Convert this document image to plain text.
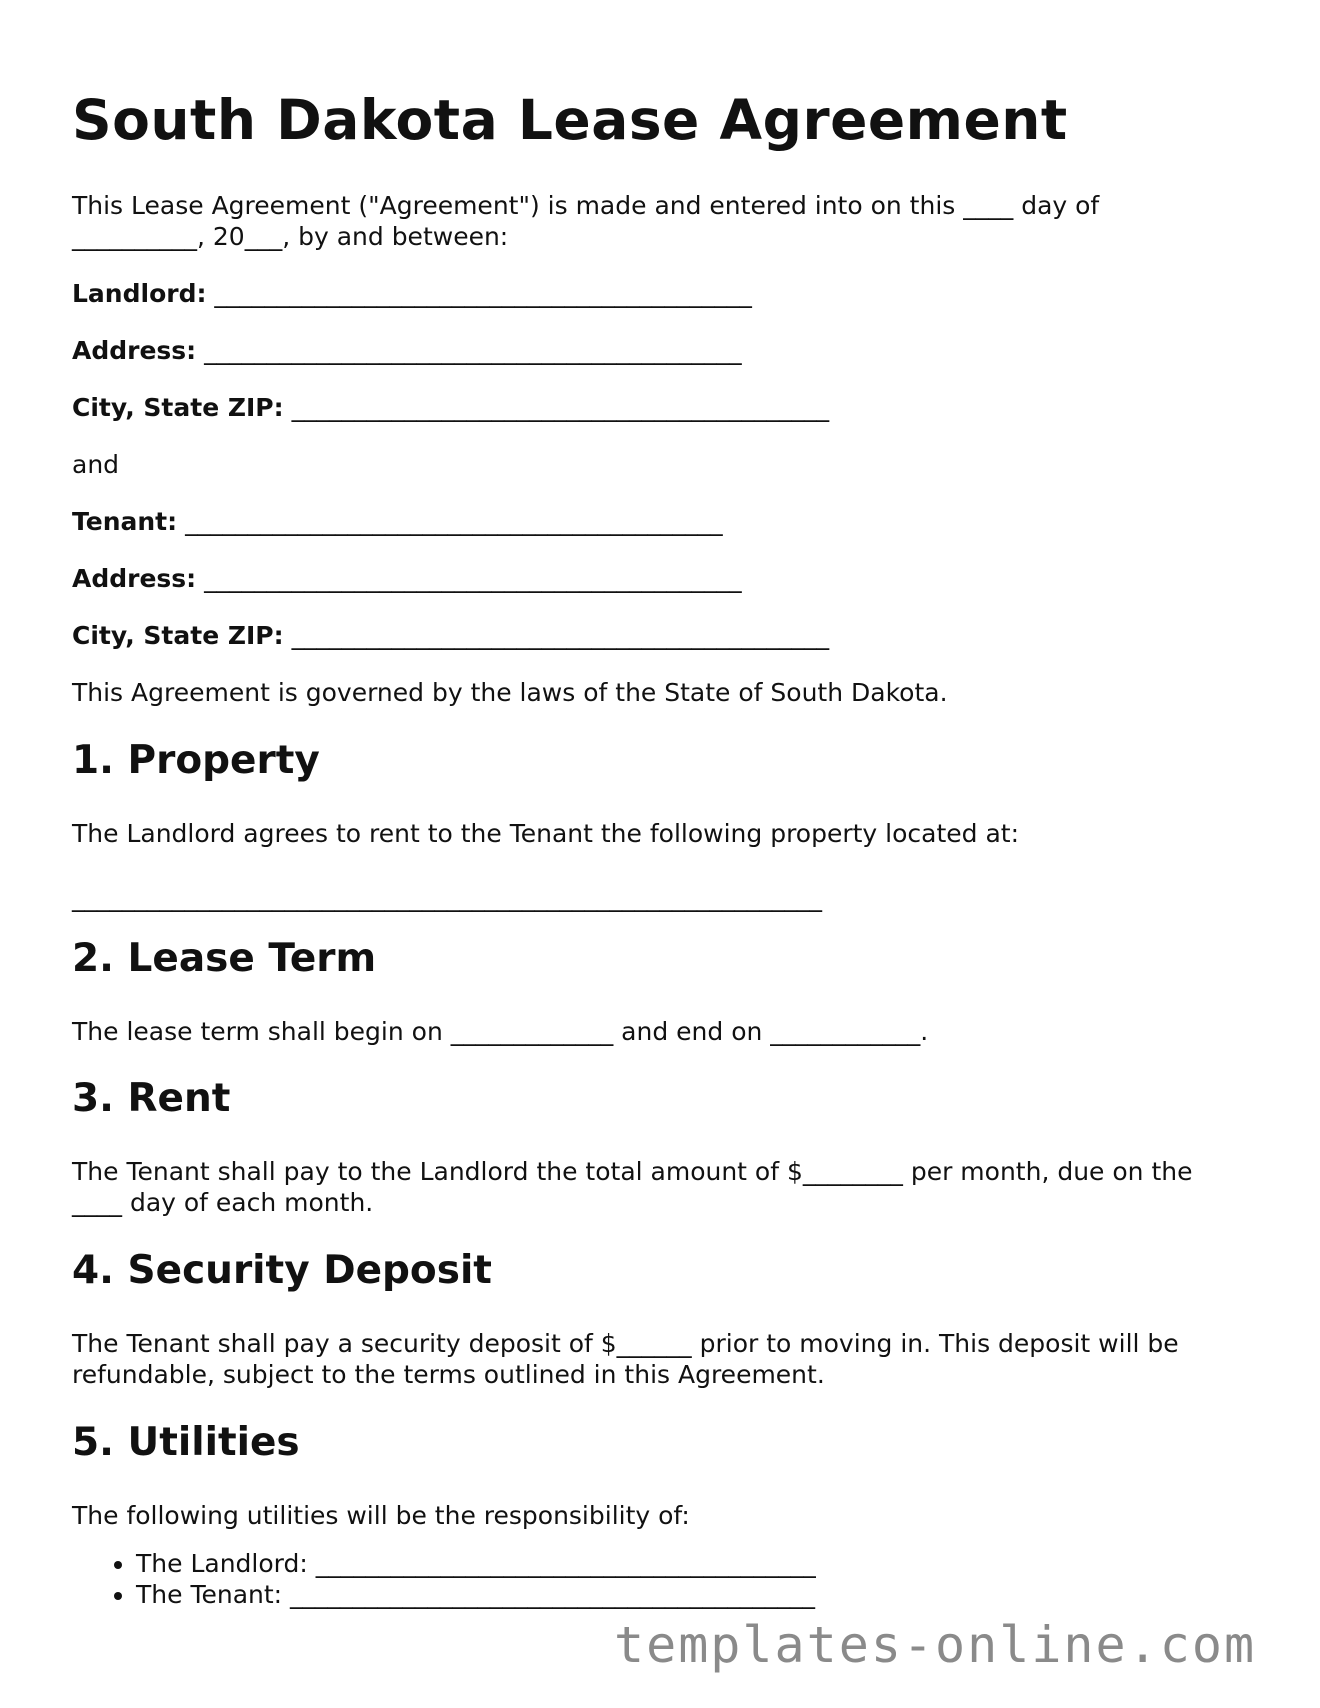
South Dakota Lease Agreement

This Lease Agreement ("Agreement") is made and entered into on this ____ day of

__________, 20___, by and between:

Landlord: ___________________________________________

Address: ___________________________________________

City, State ZIP: ___________________________________________

and

Tenant: ___________________________________________

Address: ___________________________________________

City, State ZIP: ___________________________________________

This Agreement is governed by the laws of the State of South Dakota.

1. Property

The Landlord agrees to rent to the Tenant the following property located at:

____________________________________________________________

2. Lease Term

The lease term shall begin on _____________ and end on ____________.

3. Rent

The Tenant shall pay to the Landlord the total amount of $________ per month, due on the

____ day of each month.

4. Security Deposit

The Tenant shall pay a security deposit of $______ prior to moving in. This deposit will be

refundable, subject to the terms outlined in this Agreement.

5. Utilities

The following utilities will be the responsibility of:

• The Landlord: ________________________________________
• The Tenant: __________________________________________
templates-online.com
